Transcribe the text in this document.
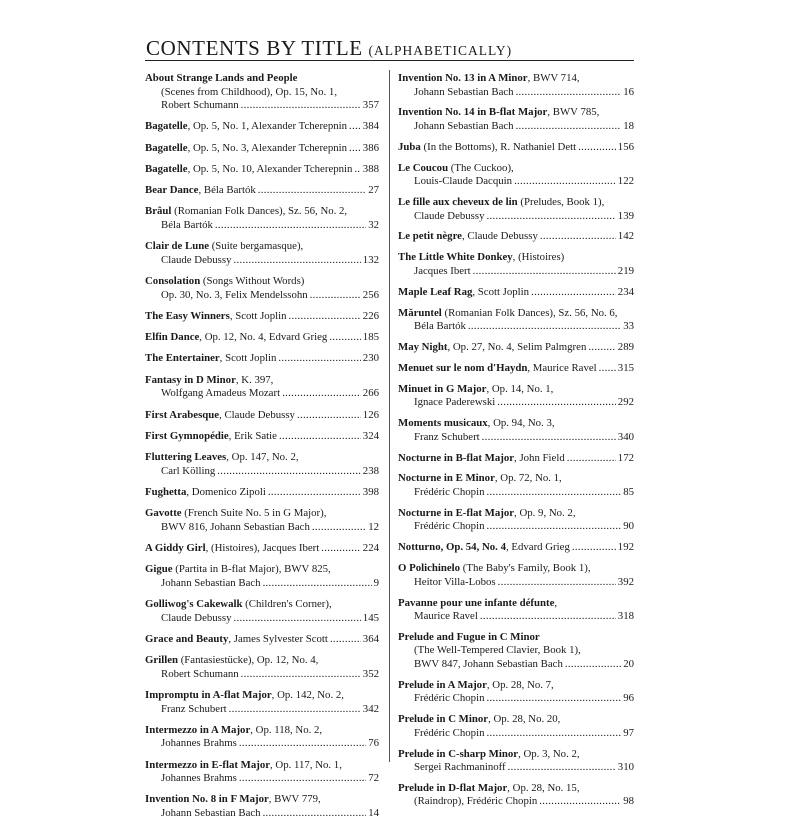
CONTENTS BY TITLE (ALPHABETICALLY)
About Strange Lands and People
(Scenes from Childhood), Op. 15, No. 1,
Robert Schumann . . .	357
Bagatelle, Op. 5, No. 1, Alexander Tcherepnin . . . 384
Bagatelle, Op. 5, No. 3, Alexander Tcherepnin . . . 386
Bagatelle, Op. 5, No. 10, Alexander Tcherepnin . . . 388
Bear Dance, Béla Bartók . . .	27
Brâul (Romanian Folk Dances), Sz. 56, No. 2,
Béla Bartók . . .	32
Clair de Lune (Suite bergamasque),
Claude Debussy . . .	132
Consolation (Songs Without Words)
Op. 30, No. 3, Felix Mendelssohn . . .	256
The Easy Winners, Scott Joplin . . .	226
Elfin Dance, Op. 12, No. 4, Edvard Grieg . . .	185
The Entertainer, Scott Joplin . . .	230
Fantasy in D Minor, K. 397,
Wolfgang Amadeus Mozart . . .	266
First Arabesque, Claude Debussy . . .	126
First Gymnopédie, Erik Satie . . .	324
Fluttering Leaves, Op. 147, No. 2,
Carl Kölling . . .	238
Fughetta, Domenico Zipoli . . .	398
Gavotte (French Suite No. 5 in G Major),
BWV 816, Johann Sebastian Bach . . .	12
A Giddy Girl, (Histoires), Jacques Ibert . . .	224
Gigue (Partita in B-flat Major), BWV 825,
Johann Sebastian Bach . . .	9
Golliwog's Cakewalk (Children's Corner),
Claude Debussy . . .	145
Grace and Beauty, James Sylvester Scott . . .	364
Grillen (Fantasiestücke), Op. 12, No. 4,
Robert Schumann . . .	352
Impromptu in A-flat Major, Op. 142, No. 2,
Franz Schubert . . .	342
Intermezzo in A Major, Op. 118, No. 2,
Johannes Brahms . . .	76
Intermezzo in E-flat Major, Op. 117, No. 1,
Johannes Brahms . . .	72
Invention No. 8 in F Major, BWV 779,
Johann Sebastian Bach . . .	14
Invention No. 13 in A Minor, BWV 714,
Johann Sebastian Bach . . .	16
Invention No. 14 in B-flat Major, BWV 785,
Johann Sebastian Bach . . .	18
Juba (In the Bottoms), R. Nathaniel Dett . . .	156
Le Coucou (The Cuckoo),
Louis-Claude Dacquin . . .	122
Le fille aux cheveux de lin (Preludes, Book 1),
Claude Debussy . . .	139
Le petit nègre, Claude Debussy . . .	142
The Little White Donkey, (Histoires)
Jacques Ibert . . .	219
Maple Leaf Rag, Scott Joplin . . .	234
Măruntel (Romanian Folk Dances), Sz. 56, No. 6,
Béla Bartók . . .	33
May Night, Op. 27, No. 4, Selim Palmgren . . .	289
Menuet sur le nom d'Haydn, Maurice Ravel . . . 315
Minuet in G Major, Op. 14, No. 1,
Ignace Paderewski . . .	292
Moments musicaux, Op. 94, No. 3,
Franz Schubert . . .	340
Nocturne in B-flat Major, John Field . . .	172
Nocturne in E Minor, Op. 72, No. 1,
Frédéric Chopin . . .	85
Nocturne in E-flat Major, Op. 9, No. 2,
Frédéric Chopin . . .	90
Notturno, Op. 54, No. 4, Edvard Grieg . . .	192
O Polichinelo (The Baby's Family, Book 1),
Heitor Villa-Lobos . . .	392
Pavanne pour une infante défunte,
Maurice Ravel . . .	318
Prelude and Fugue in C Minor
(The Well-Tempered Clavier, Book 1),
BWV 847, Johann Sebastian Bach . . .	20
Prelude in A Major, Op. 28, No. 7,
Frédéric Chopin . . .	96
Prelude in C Minor, Op. 28, No. 20,
Frédéric Chopin . . .	97
Prelude in C-sharp Minor, Op. 3, No. 2,
Sergei Rachmaninoff . . .	310
Prelude in D-flat Major, Op. 28, No. 15,
(Raindrop), Frédéric Chopin . . .	98
